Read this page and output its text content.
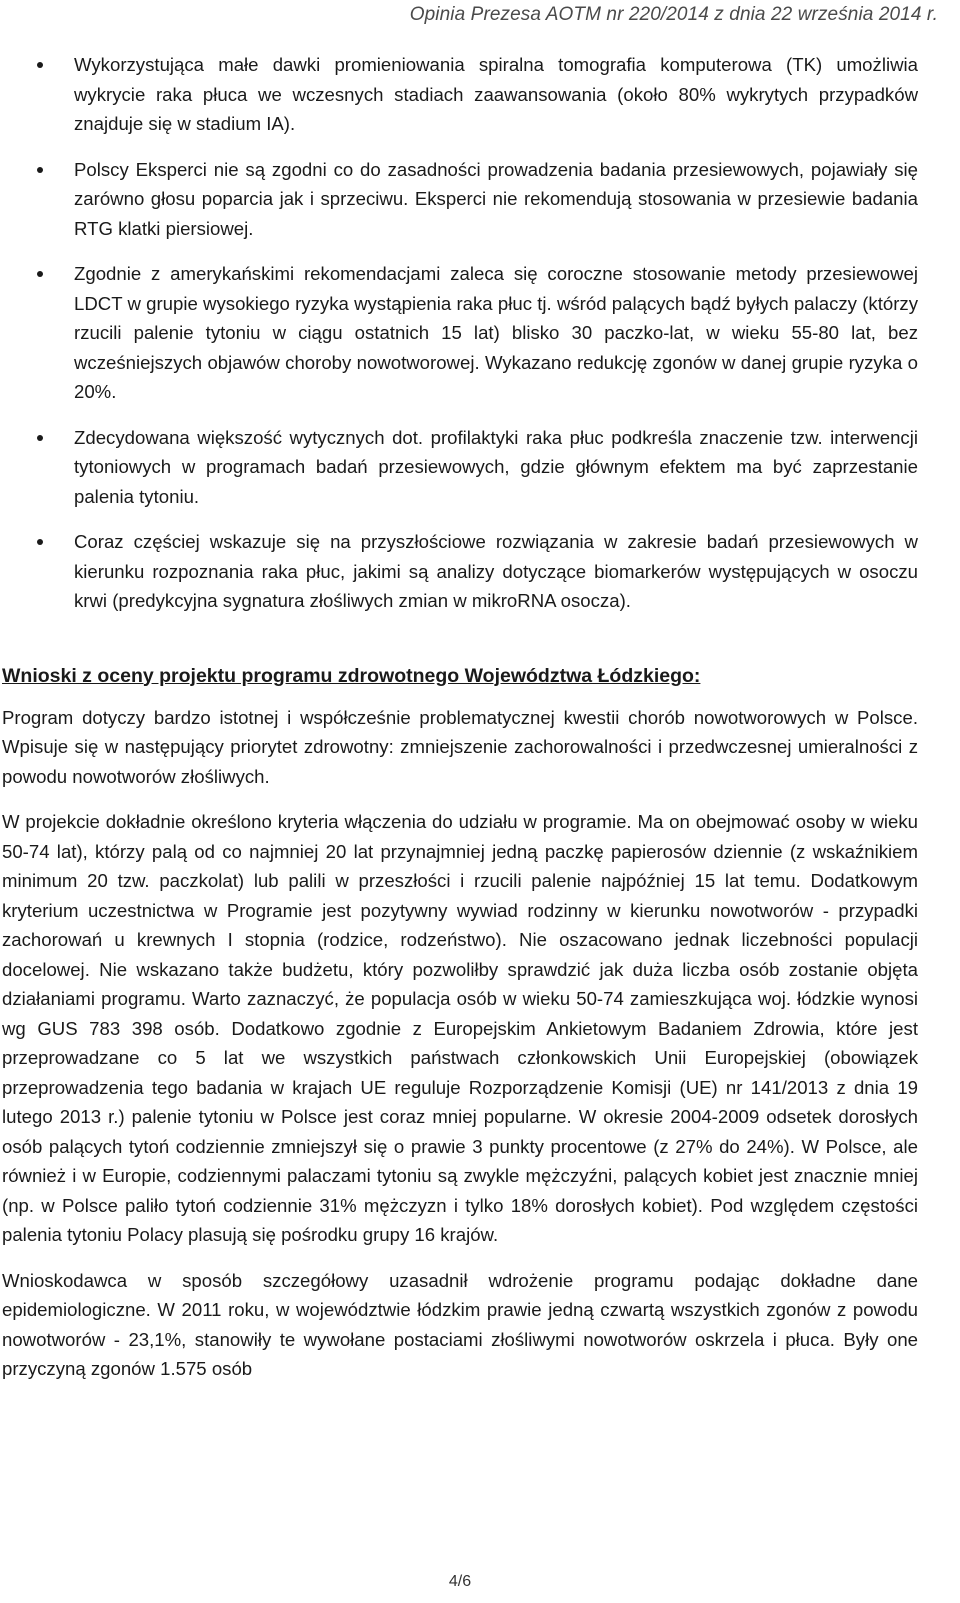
Opinia Prezesa AOTM nr 220/2014 z dnia 22 września 2014 r.
Wykorzystująca małe dawki promieniowania spiralna tomografia komputerowa (TK) umożliwia wykrycie raka płuca we wczesnych stadiach zaawansowania (około 80% wykrytych przypadków znajduje się w stadium IA).
Polscy Eksperci nie są zgodni co do zasadności prowadzenia badania przesiewowych, pojawiały się zarówno głosu poparcia jak i sprzeciwu. Eksperci nie rekomendują stosowania w przesiewie badania RTG klatki piersiowej.
Zgodnie z amerykańskimi rekomendacjami zaleca się coroczne stosowanie metody przesiewowej LDCT w grupie wysokiego ryzyka wystąpienia raka płuc tj. wśród palących bądź byłych palaczy (którzy rzucili palenie tytoniu w ciągu ostatnich 15 lat) blisko 30 paczko-lat, w wieku 55-80 lat, bez wcześniejszych objawów choroby nowotworowej. Wykazano redukcję zgonów w danej grupie ryzyka o 20%.
Zdecydowana większość wytycznych dot. profilaktyki raka płuc podkreśla znaczenie tzw. interwencji tytoniowych w programach badań przesiewowych, gdzie głównym efektem ma być zaprzestanie palenia tytoniu.
Coraz częściej wskazuje się na przyszłościowe rozwiązania w zakresie badań przesiewowych w kierunku rozpoznania raka płuc, jakimi są analizy dotyczące biomarkerów występujących w osoczu krwi (predykcyjna sygnatura złośliwych zmian w mikroRNA osocza).
Wnioski z oceny projektu programu zdrowotnego Województwa Łódzkiego:

Program dotyczy bardzo istotnej i współcześnie problematycznej kwestii chorób nowotworowych w Polsce. Wpisuje się w następujący priorytet zdrowotny: zmniejszenie zachorowalności i przedwczesnej umieralności z powodu nowotworów złośliwych.

W projekcie dokładnie określono kryteria włączenia do udziału w programie. Ma on obejmować osoby w wieku 50-74 lat), którzy palą od co najmniej 20 lat przynajmniej jedną paczkę papierosów dziennie (z wskaźnikiem minimum 20 tzw. paczkolat) lub palili w przeszłości i rzucili palenie najpóźniej 15 lat temu. Dodatkowym kryterium uczestnictwa w Programie jest pozytywny wywiad rodzinny w kierunku nowotworów - przypadki zachorowań u krewnych I stopnia (rodzice, rodzeństwo). Nie oszacowano jednak liczebności populacji docelowej. Nie wskazano także budżetu, który pozwoliłby sprawdzić jak duża liczba osób zostanie objęta działaniami programu. Warto zaznaczyć, że populacja osób w wieku 50-74 zamieszkująca woj. łódzkie wynosi wg GUS 783 398 osób. Dodatkowo zgodnie z Europejskim Ankietowym Badaniem Zdrowia, które jest przeprowadzane co 5 lat we wszystkich państwach członkowskich Unii Europejskiej (obowiązek przeprowadzenia tego badania w krajach UE reguluje Rozporządzenie Komisji (UE) nr 141/2013 z dnia 19 lutego 2013 r.) palenie tytoniu w Polsce jest coraz mniej popularne. W okresie 2004-2009 odsetek dorosłych osób palących tytoń codziennie zmniejszył się o prawie 3 punkty procentowe (z 27% do 24%). W Polsce, ale również i w Europie, codziennymi palaczami tytoniu są zwykle mężczyźni, palących kobiet jest znacznie mniej (np. w Polsce paliło tytoń codziennie 31% mężczyzn i tylko 18% dorosłych kobiet). Pod względem częstości palenia tytoniu Polacy plasują się pośrodku grupy 16 krajów.

Wnioskodawca w sposób szczegółowy uzasadnił wdrożenie programu podając dokładne dane epidemiologiczne. W 2011 roku, w województwie łódzkim prawie jedną czwartą wszystkich zgonów z powodu nowotworów - 23,1%, stanowiły te wywołane postaciami złośliwymi nowotworów oskrzela i płuca. Były one przyczyną zgonów 1.575 osób

4/6
